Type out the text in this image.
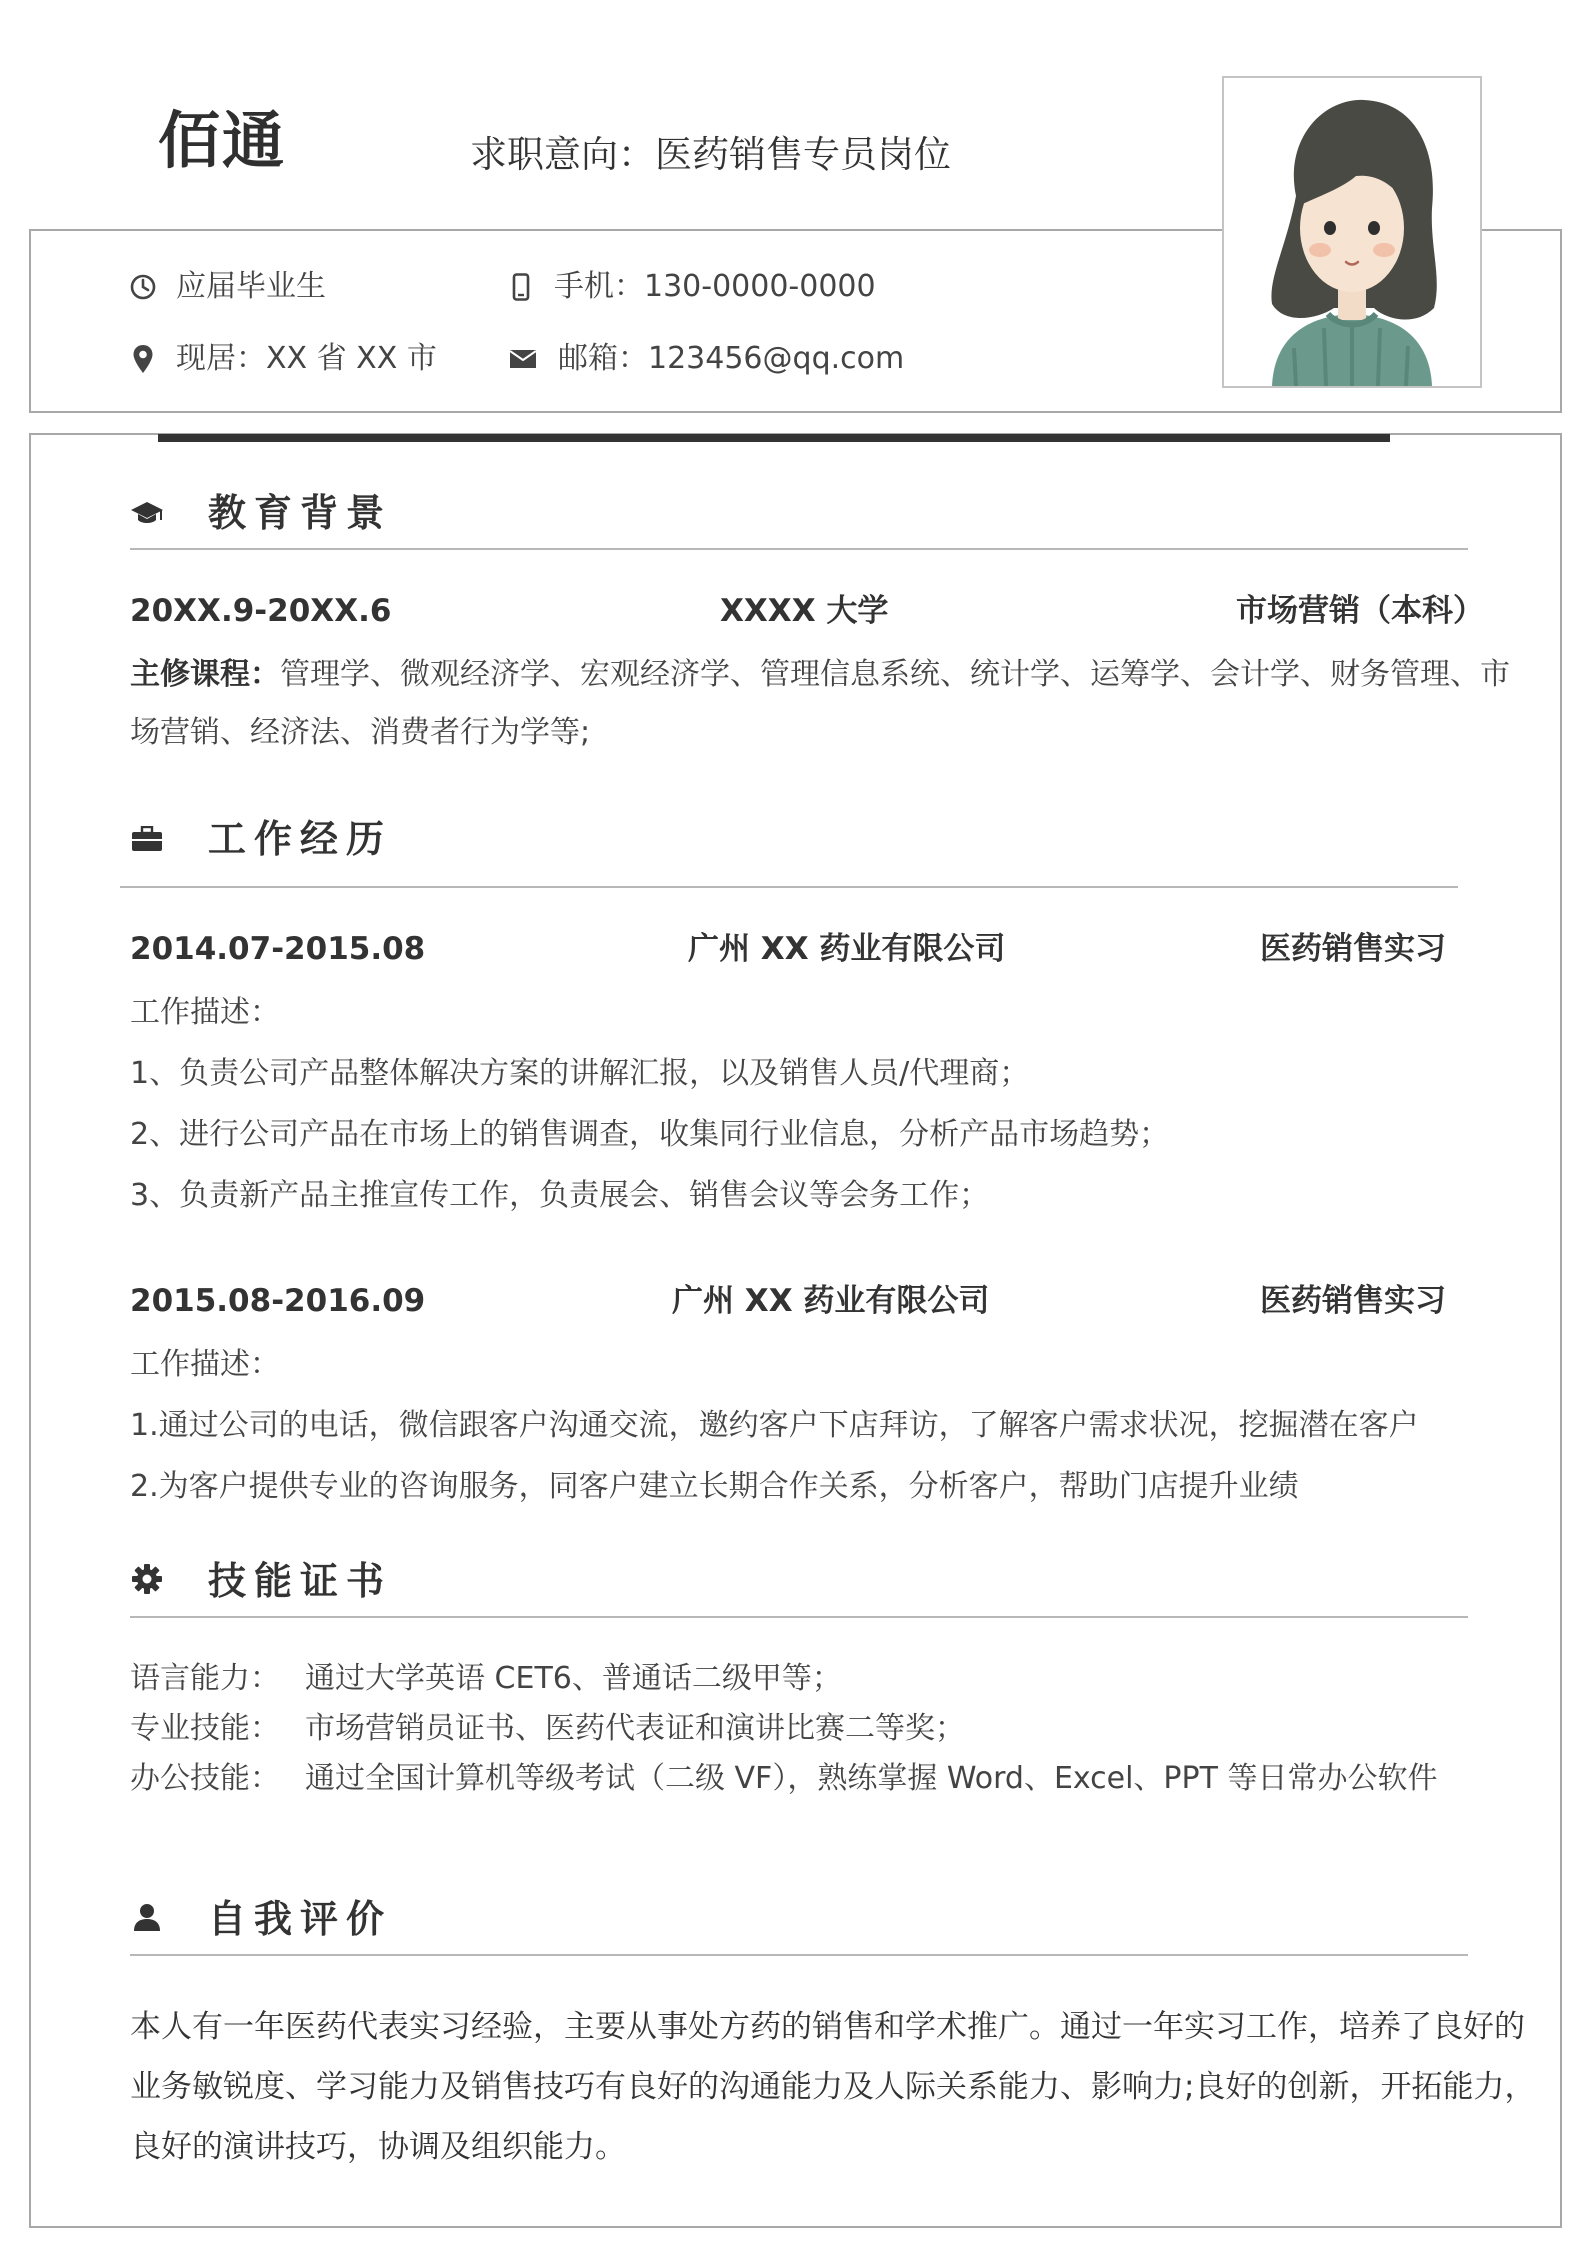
佰通	求职意向：医药销售专员岗位
应届毕业生	手机：130-0000-0000
现居：XX 省 XX 市	邮箱：123456@qq.com
教育背景
20XX.9-20XX.6	XXXX 大学	市场营销（本科）
主修课程：管理学、微观经济学、宏观经济学、管理信息系统、统计学、运筹学、会计学、财务管理、市
场营销、经济法、消费者行为学等;
工作经历
2014.07-2015.08	广州 XX 药业有限公司	医药销售实习
工作描述：
1、负责公司产品整体解决方案的讲解汇报，以及销售人员/代理商；
2、进行公司产品在市场上的销售调查，收集同行业信息，分析产品市场趋势；
3、负责新产品主推宣传工作，负责展会、销售会议等会务工作；
2015.08-2016.09	广州 XX 药业有限公司	医药销售实习
工作描述：
1.通过公司的电话，微信跟客户沟通交流，邀约客户下店拜访，了解客户需求状况，挖掘潜在客户
2.为客户提供专业的咨询服务，同客户建立长期合作关系，分析客户，帮助门店提升业绩
技能证书
语言能力： 通过大学英语 CET6、普通话二级甲等；
专业技能： 市场营销员证书、医药代表证和演讲比赛二等奖；
办公技能： 通过全国计算机等级考试（二级 VF），熟练掌握 Word、Excel、PPT 等日常办公软件
自我评价
本人有一年医药代表实习经验，主要从事处方药的销售和学术推广。通过一年实习工作，培养了良好的
业务敏锐度、学习能力及销售技巧有良好的沟通能力及人际关系能力、影响力;良好的创新，开拓能力，
良好的演讲技巧，协调及组织能力。
